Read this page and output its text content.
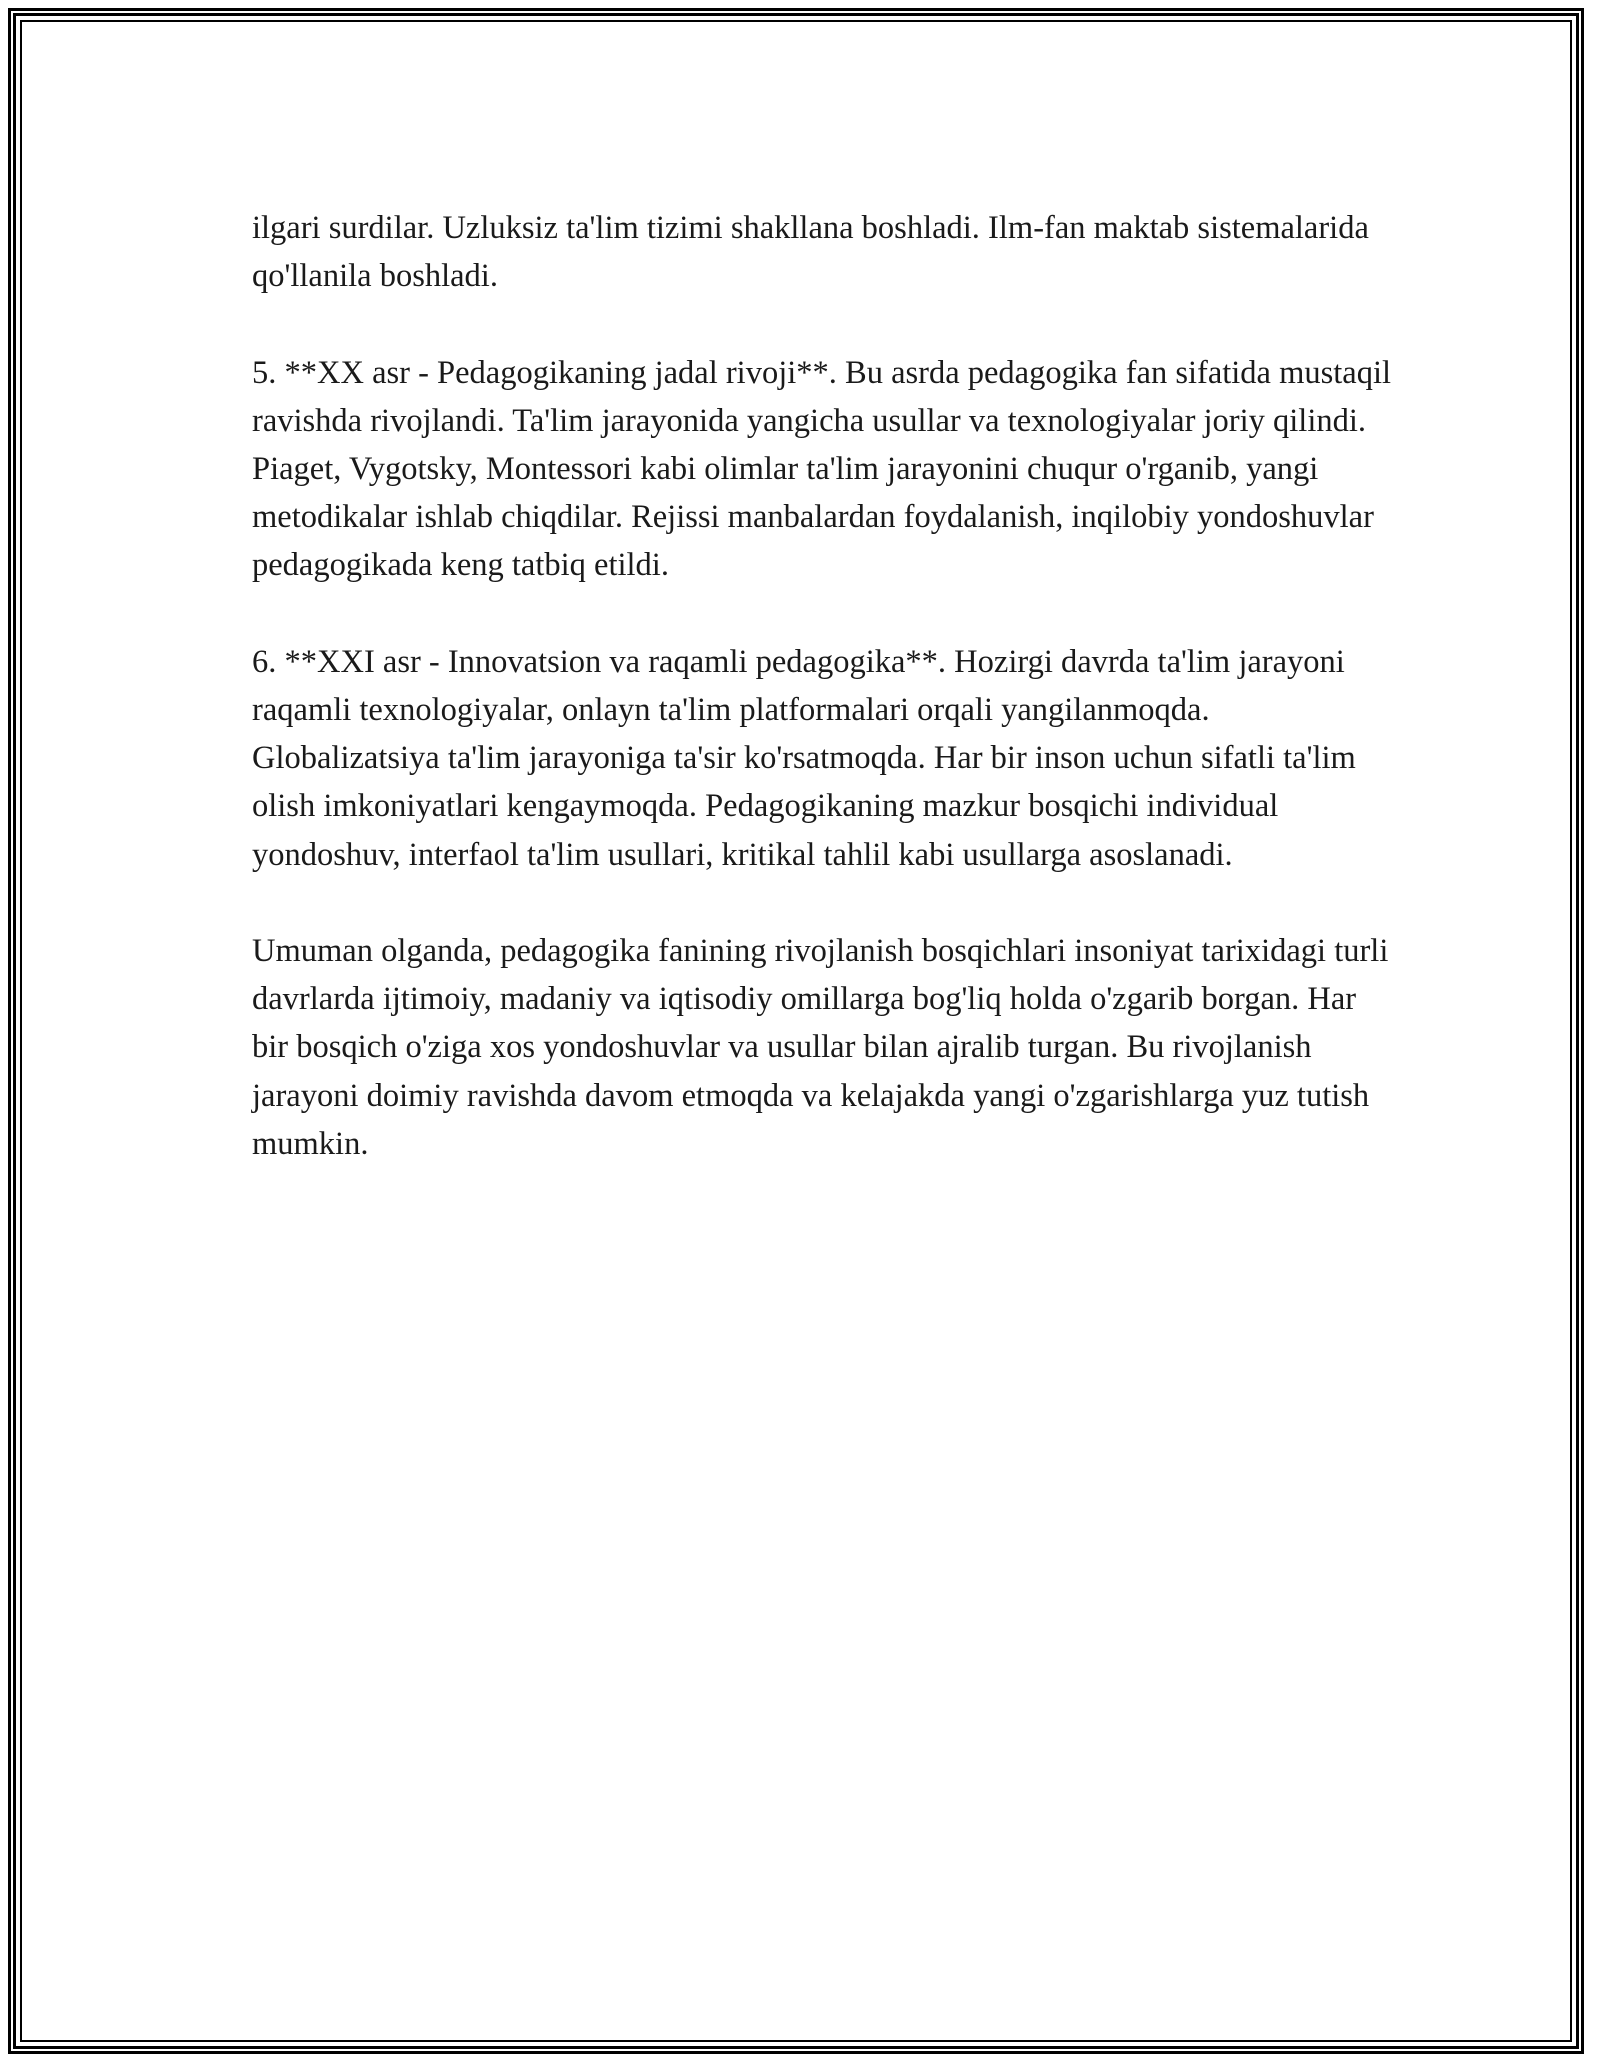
ilgari surdilar. Uzluksiz ta'lim tizimi shakllana boshladi. Ilm-fan maktab sistemalarida qo'llanila boshladi.

5. **XX asr - Pedagogikaning jadal rivoji**. Bu asrda pedagogika fan sifatida mustaqil ravishda rivojlandi. Ta'lim jarayonida yangicha usullar va texnologiyalar joriy qilindi. Piaget, Vygotsky, Montessori kabi olimlar ta'lim jarayonini chuqur o'rganib, yangi metodikalar ishlab chiqdilar. Rejissi manbalardan foydalanish, inqilobiy yondoshuvlar pedagogikada keng tatbiq etildi.

6. **XXI asr - Innovatsion va raqamli pedagogika**. Hozirgi davrda ta'lim jarayoni raqamli texnologiyalar, onlayn ta'lim platformalari orqali yangilanmoqda. Globalizatsiya ta'lim jarayoniga ta'sir ko'rsatmoqda. Har bir inson uchun sifatli ta'lim olish imkoniyatlari kengaymoqda. Pedagogikaning mazkur bosqichi individual yondoshuv, interfaol ta'lim usullari, kritikal tahlil kabi usullarga asoslanadi.

Umuman olganda, pedagogika fanining rivojlanish bosqichlari insoniyat tarixidagi turli davrlarda ijtimoiy, madaniy va iqtisodiy omillarga bog'liq holda o'zgarib borgan. Har bir bosqich o'ziga xos yondoshuvlar va usullar bilan ajralib turgan. Bu rivojlanish jarayoni doimiy ravishda davom etmoqda va kelajakda yangi o'zgarishlarga yuz tutish mumkin.
